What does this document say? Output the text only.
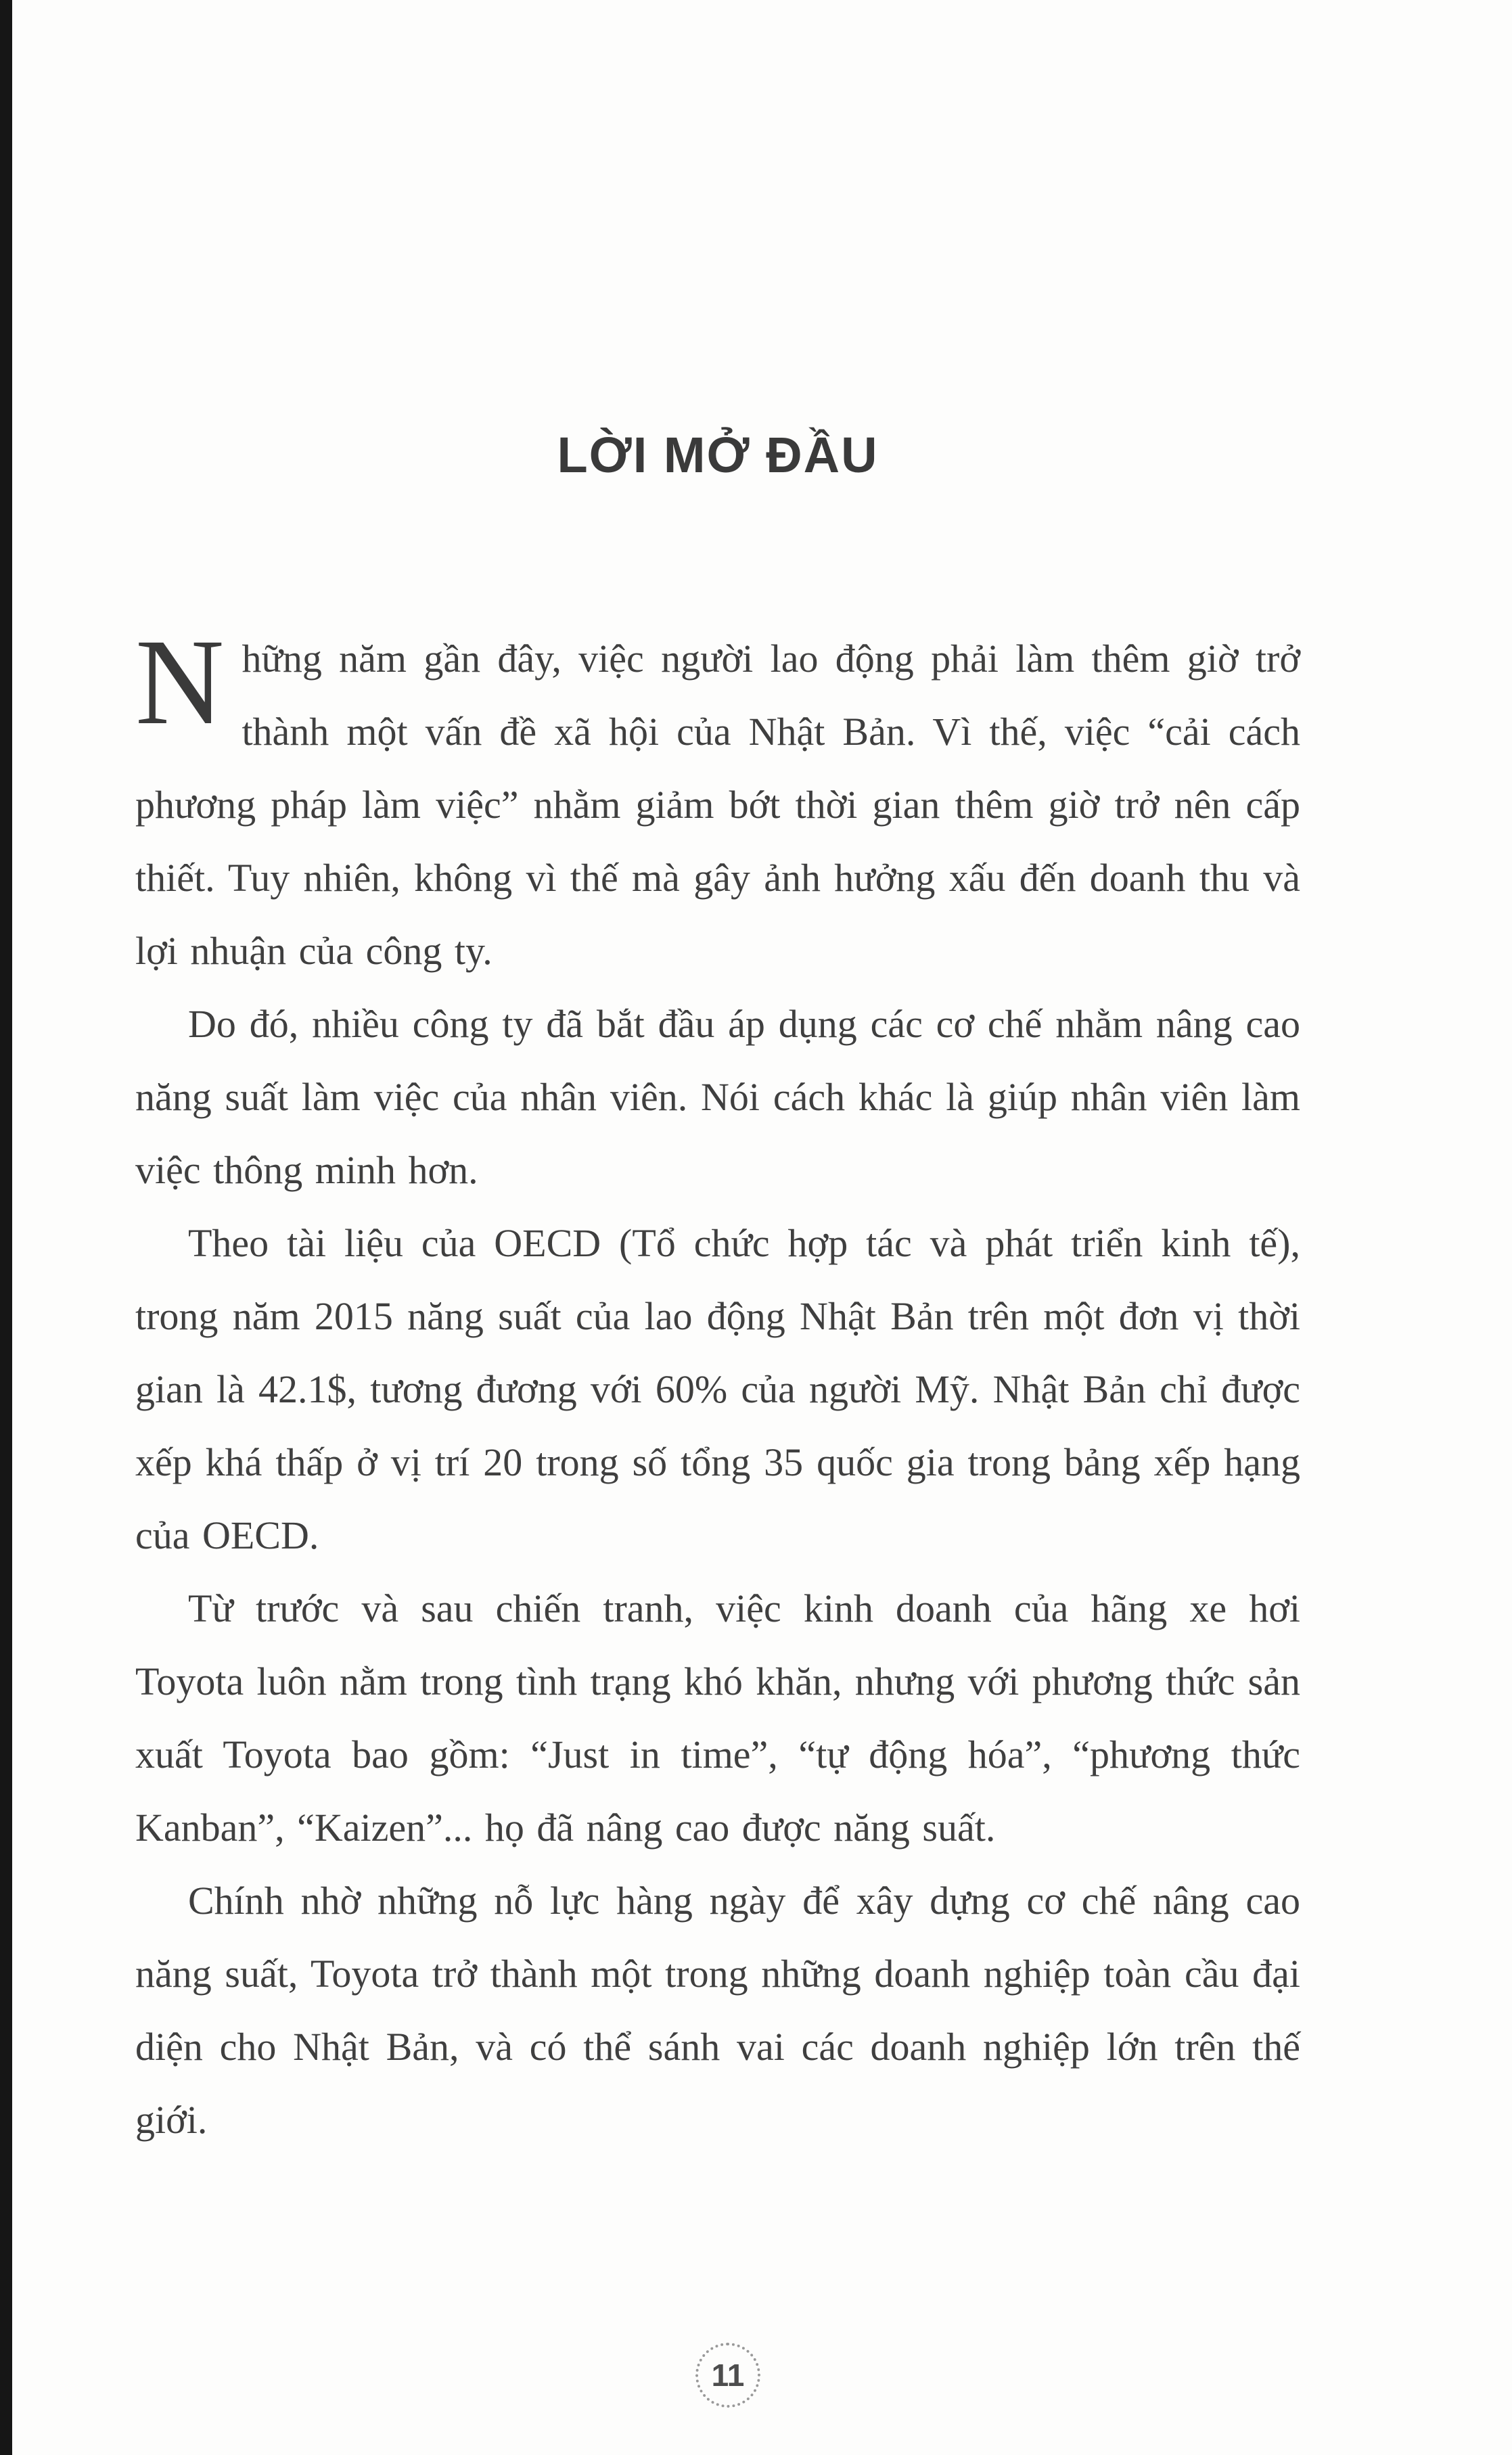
LỜI MỞ ĐẦU

Những năm gần đây, việc người lao động phải làm thêm giờ trở thành một vấn đề xã hội của Nhật Bản. Vì thế, việc “cải cách phương pháp làm việc” nhằm giảm bớt thời gian thêm giờ trở nên cấp thiết. Tuy nhiên, không vì thế mà gây ảnh hưởng xấu đến doanh thu và lợi nhuận của công ty.

Do đó, nhiều công ty đã bắt đầu áp dụng các cơ chế nhằm nâng cao năng suất làm việc của nhân viên. Nói cách khác là giúp nhân viên làm việc thông minh hơn.

Theo tài liệu của OECD (Tổ chức hợp tác và phát triển kinh tế), trong năm 2015 năng suất của lao động Nhật Bản trên một đơn vị thời gian là 42.1$, tương đương với 60% của người Mỹ. Nhật Bản chỉ được xếp khá thấp ở vị trí 20 trong số tổng 35 quốc gia trong bảng xếp hạng của OECD.

Từ trước và sau chiến tranh, việc kinh doanh của hãng xe hơi Toyota luôn nằm trong tình trạng khó khăn, nhưng với phương thức sản xuất Toyota bao gồm: “Just in time”, “tự động hóa”, “phương thức Kanban”, “Kaizen”... họ đã nâng cao được năng suất.

Chính nhờ những nỗ lực hàng ngày để xây dựng cơ chế nâng cao năng suất, Toyota trở thành một trong những doanh nghiệp toàn cầu đại diện cho Nhật Bản, và có thể sánh vai các doanh nghiệp lớn trên thế giới.

11
